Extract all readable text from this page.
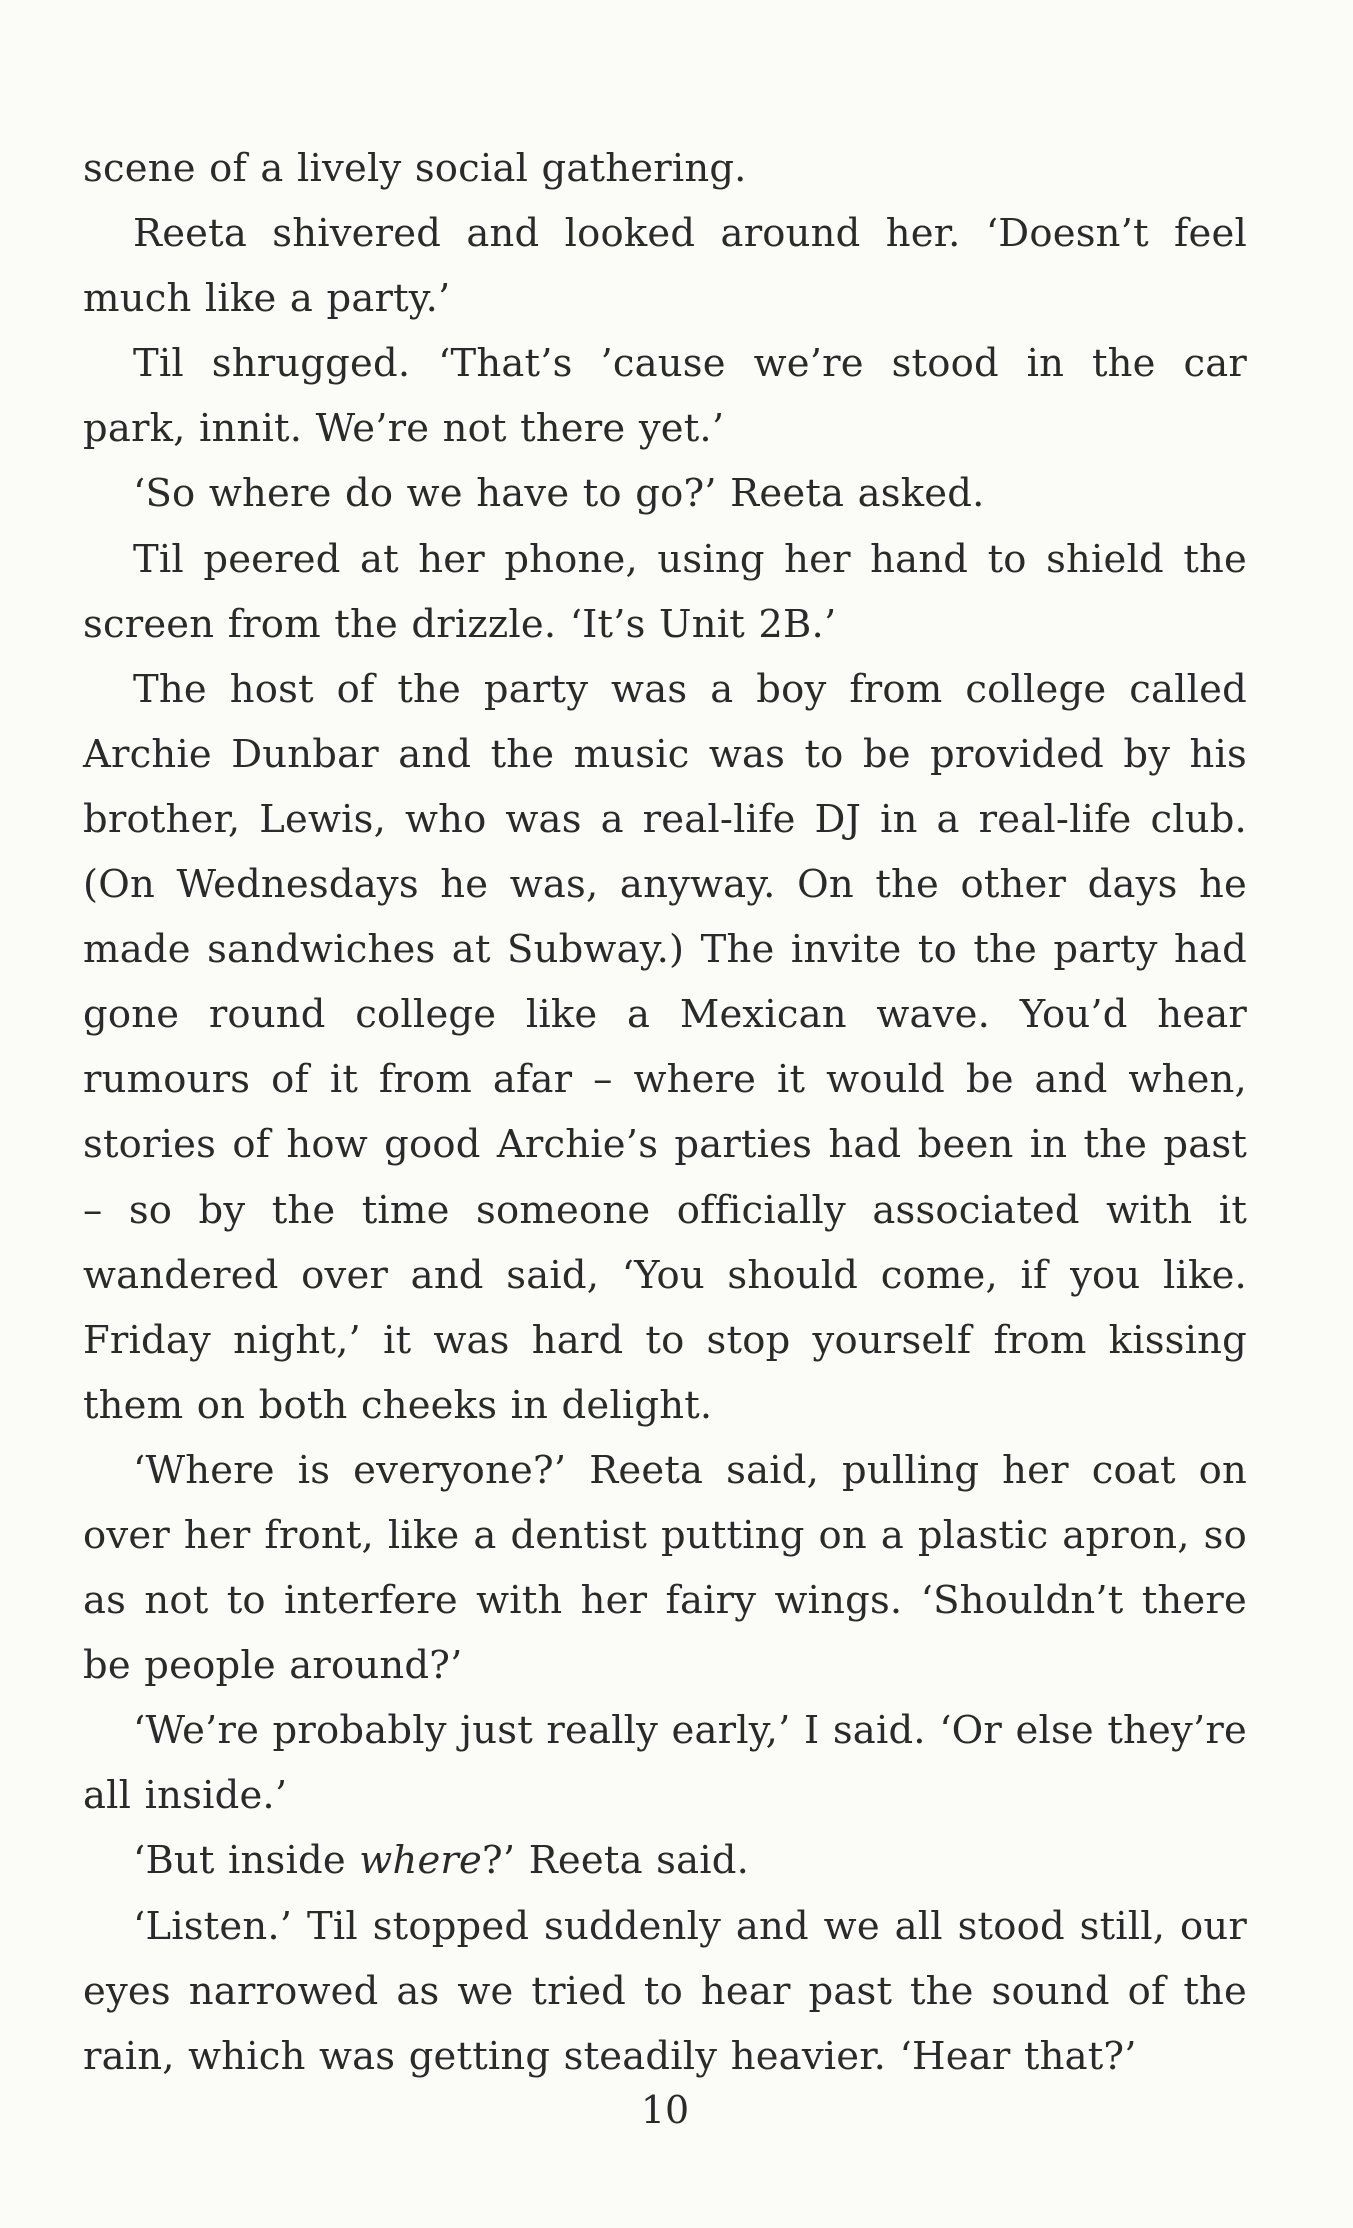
scene of a lively social gathering.

Reeta shivered and looked around her. ‘Doesn’t feel much like a party.’

Til shrugged. ‘That’s ’cause we’re stood in the car park, innit. We’re not there yet.’

‘So where do we have to go?’ Reeta asked.

Til peered at her phone, using her hand to shield the screen from the drizzle. ‘It’s Unit 2B.’

The host of the party was a boy from college called Archie Dunbar and the music was to be provided by his brother, Lewis, who was a real-life DJ in a real-life club. (On Wednesdays he was, anyway. On the other days he made sandwiches at Subway.) The invite to the party had gone round college like a Mexican wave. You’d hear rumours of it from afar – where it would be and when, stories of how good Archie’s parties had been in the past – so by the time someone officially associated with it wandered over and said, ‘You should come, if you like. Friday night,’ it was hard to stop yourself from kissing them on both cheeks in delight.

‘Where is everyone?’ Reeta said, pulling her coat on over her front, like a dentist putting on a plastic apron, so as not to interfere with her fairy wings. ‘Shouldn’t there be people around?’

‘We’re probably just really early,’ I said. ‘Or else they’re all inside.’

‘But inside where?’ Reeta said.

‘Listen.’ Til stopped suddenly and we all stood still, our eyes narrowed as we tried to hear past the sound of the rain, which was getting steadily heavier. ‘Hear that?’

10
